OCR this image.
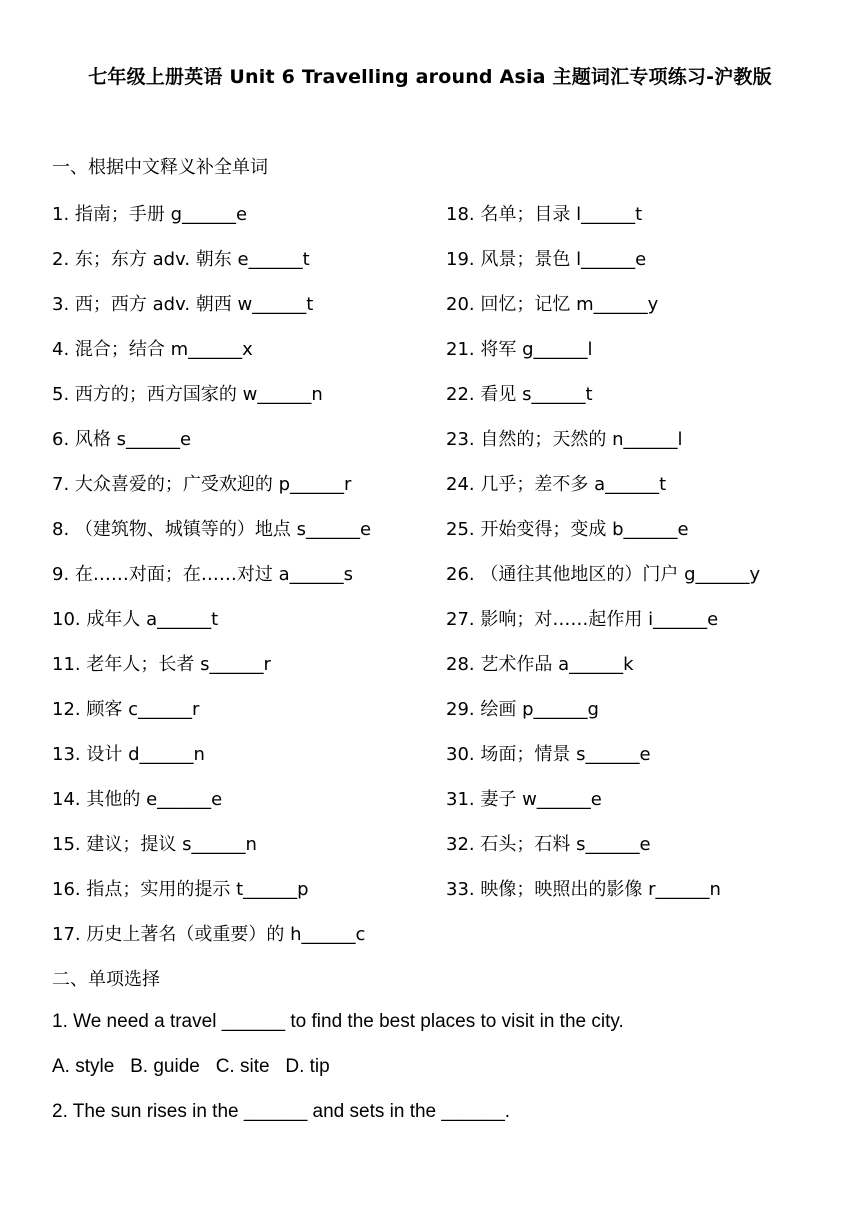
七年级上册英语 Unit 6 Travelling around Asia 主题词汇专项练习-沪教版
一、根据中文释义补全单词
1. 指南；手册 g______e
2. 东；东方 adv. 朝东 e______t
3. 西；西方 adv. 朝西 w______t
4. 混合；结合 m______x
5. 西方的；西方国家的 w______n
6. 风格 s______e
7. 大众喜爱的；广受欢迎的 p______r
8. （建筑物、城镇等的）地点 s______e
9. 在……对面；在……对过 a______s
10. 成年人 a______t
11. 老年人；长者 s______r
12. 顾客 c______r
13. 设计 d______n
14. 其他的 e______e
15. 建议；提议 s______n
16. 指点；实用的提示 t______p
17. 历史上著名（或重要）的 h______c
18. 名单；目录 l______t
19. 风景；景色 l______e
20. 回忆；记忆 m______y
21. 将军 g______l
22. 看见 s______t
23. 自然的；天然的 n______l
24. 几乎；差不多 a______t
25. 开始变得；变成 b______e
26. （通往其他地区的）门户 g______y
27. 影响；对……起作用 i______e
28. 艺术作品 a______k
29. 绘画 p______g
30. 场面；情景 s______e
31. 妻子 w______e
32. 石头；石料 s______e
33. 映像；映照出的影像 r______n
二、单项选择
1. We need a travel ______ to find the best places to visit in the city.
A. style   B. guide   C. site   D. tip
2. The sun rises in the ______ and sets in the ______.
